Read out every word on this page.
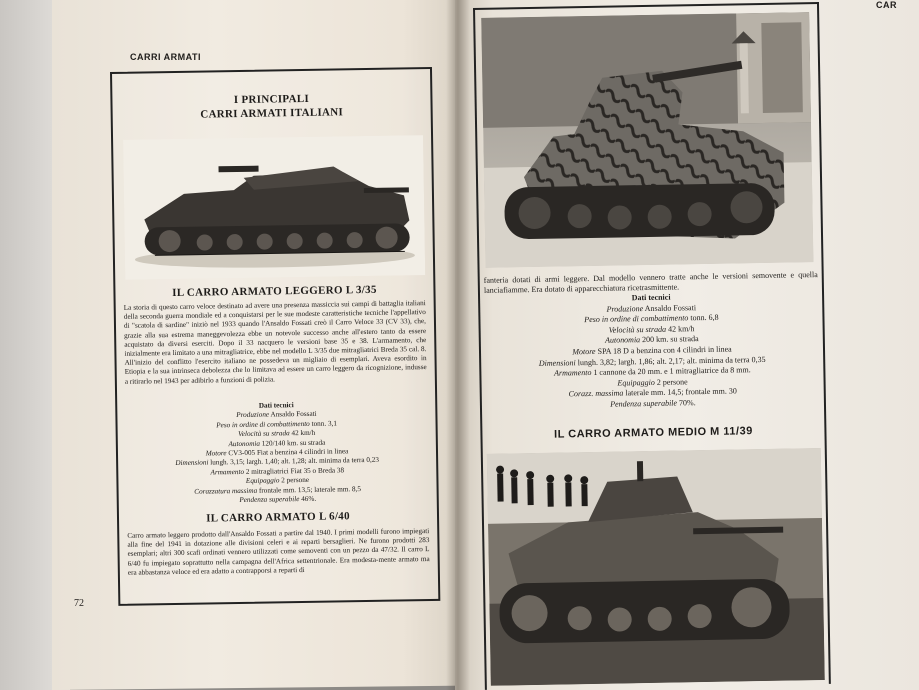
CARRI ARMATI
I PRINCIPALI
CARRI ARMATI ITALIANI
IL CARRO ARMATO LEGGERO L 3/35
La storia di questo carro veloce destinato ad avere una presenza massiccia sui campi di battaglia italiani della seconda guerra mondiale ed a conquistarsi per le sue modeste caratteristiche tecniche l'appellativo di "scatola di sardine" iniziò nel 1933 quando l'Ansaldo Fossati creò il Carro Veloce 33 (CV 33), che, grazie alla sua estrema maneggevolezza ebbe un notevole successo anche all'estero tanto da essere acquistato da diversi eserciti. Dopo il 33 nacquero le versioni base 35 e 38. L'armamento, che inizialmente era limitato a una mitragliatrice, ebbe nel modello L 3/35 due mitragliatrici Breda 35 cal. 8. All'inizio del conflitto l'esercito italiano ne possedeva un migliaio di esemplari. Aveva esordito in Etiopia e la sua intrinseca debolezza che lo limitava ad essere un carro leggero da ricognizione, indusse a ritirarlo nel 1943 per adibirlo a funzioni di polizia.
Dati tecnici
Produzione Ansaldo Fossati
Peso in ordine di combattimento tonn. 3,1
Velocità su strada 42 km/h
Autonomia 120/140 km. su strada
Motore CV3-005 Fiat a benzina 4 cilindri in linea
Dimensioni lungh. 3,15; largh. 1,40; alt. 1,28; alt. minima da terra 0,23
Armamento 2 mitragliatrici Fiat 35 o Breda 38
Equipaggio 2 persone
Corazzatura massima frontale mm. 13,5; laterale mm. 8,5
Pendenza superabile 46%.
IL CARRO ARMATO L 6/40
Carro armato leggero prodotto dall'Ansaldo Fossati a partire dal 1940. I primi modelli furono impiegati alla fine del 1941 in dotazione alle divisioni celeri e ai reparti bersaglieri. Ne furono prodotti 283 esemplari; altri 300 scafi ordinati vennero utilizzati come semoventi con un pezzo da 47/32. Il carro L 6/40 fu impiegato soprattutto nella campagna dell'Africa settentrionale. Era modesta-mente armato ma era abbastanza veloce ed era adatto a contrapporsi a reparti di
72
CAR
fanteria dotati di armi leggere. Dal modello vennero tratte anche le versioni semovente e quella lanciafiamme. Era dotato di apparecchiatura ricetrasmittente.
Dati tecnici
Produzione Ansaldo Fossati
Peso in ordine di combattimento tonn. 6,8
Velocità su strada 42 km/h
Autonomia 200 km. su strada
Motore SPA 18 D a benzina con 4 cilindri in linea
Dimensioni lungh. 3,82; largh. 1,86; alt. 2,17; alt. minima da terra 0,35
Armamento 1 cannone da 20 mm. e 1 mitragliatrice da 8 mm.
Equipaggio 2 persone
Corazz. massima laterale mm. 14,5; frontale mm. 30
Pendenza superabile 70%.
IL CARRO ARMATO MEDIO M 11/39
